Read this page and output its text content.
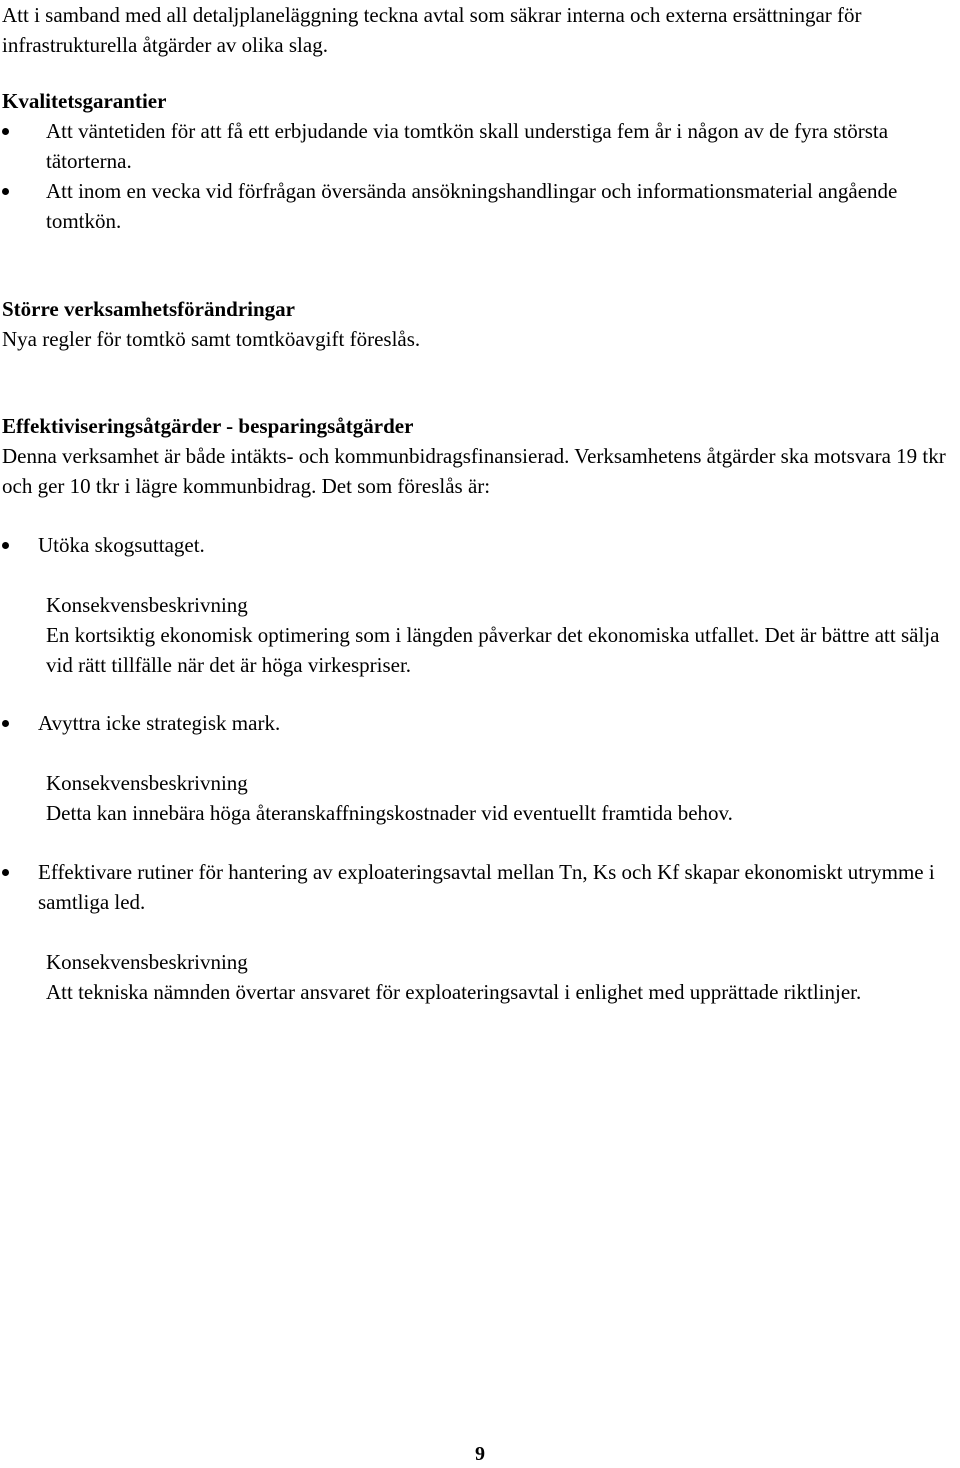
Att i samband med all detaljplaneläggning teckna avtal som säkrar interna och externa ersättningar för infrastrukturella åtgärder av olika slag.

Kvalitetsgarantier

Att väntetiden för att få ett erbjudande via tomtkön skall understiga fem år i någon av de fyra största tätorterna.
Att inom en vecka vid förfrågan översända ansökningshandlingar och informationsmaterial angående tomtkön.

Större verksamhetsförändringar

Nya regler för tomtkö samt tomtköavgift föreslås.

Effektiviseringsåtgärder - besparingsåtgärder

Denna verksamhet är både intäkts- och kommunbidragsfinansierad. Verksamhetens åtgärder ska motsvara 19 tkr och ger 10 tkr i lägre kommunbidrag. Det som föreslås är:

Utöka skogsuttaget.
Konsekvensbeskrivning
En kortsiktig ekonomisk optimering som i längden påverkar det ekonomiska utfallet. Det är bättre att sälja vid rätt tillfälle när det är höga virkespriser.
Avyttra icke strategisk mark.
Konsekvensbeskrivning
Detta kan innebära höga återanskaffningskostnader vid eventuellt framtida behov.
Effektivare rutiner för hantering av exploateringsavtal mellan Tn, Ks och Kf skapar ekonomiskt utrymme i samtliga led.
Konsekvensbeskrivning
Att tekniska nämnden övertar ansvaret för exploateringsavtal i enlighet med upprättade riktlinjer.
9
